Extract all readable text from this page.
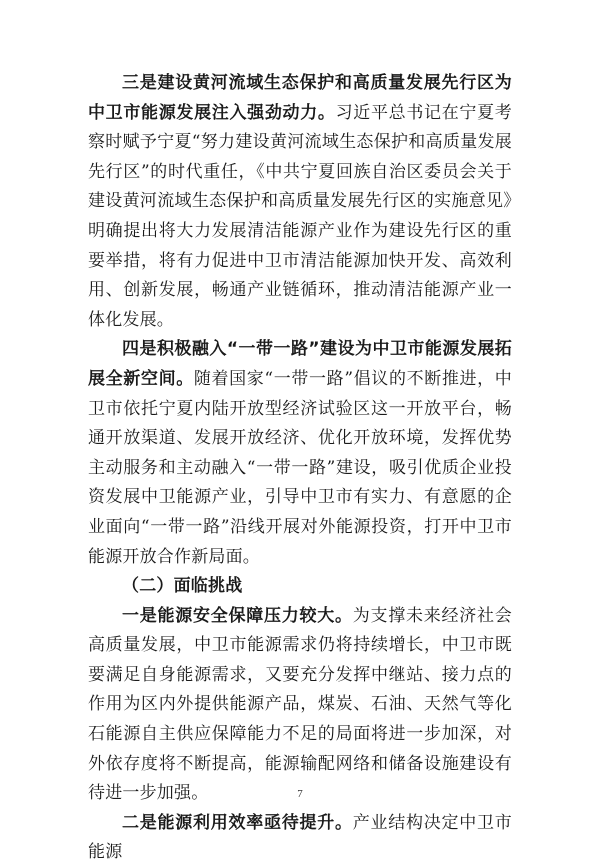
三是建设黄河流域生态保护和高质量发展先行区为中卫市能源发展注入强劲动力。习近平总书记在宁夏考察时赋予宁夏“努力建设黄河流域生态保护和高质量发展先行区”的时代重任，《中共宁夏回族自治区委员会关于建设黄河流域生态保护和高质量发展先行区的实施意见》明确提出将大力发展清洁能源产业作为建设先行区的重要举措，将有力促进中卫市清洁能源加快开发、高效利用、创新发展，畅通产业链循环，推动清洁能源产业一体化发展。

四是积极融入“一带一路”建设为中卫市能源发展拓展全新空间。随着国家“一带一路”倡议的不断推进，中卫市依托宁夏内陆开放型经济试验区这一开放平台，畅通开放渠道、发展开放经济、优化开放环境，发挥优势主动服务和主动融入“一带一路”建设，吸引优质企业投资发展中卫能源产业，引导中卫市有实力、有意愿的企业面向“一带一路”沿线开展对外能源投资，打开中卫市能源开放合作新局面。

（二）面临挑战

一是能源安全保障压力较大。为支撑未来经济社会高质量发展，中卫市能源需求仍将持续增长，中卫市既要满足自身能源需求，又要充分发挥中继站、接力点的作用为区内外提供能源产品，煤炭、石油、天然气等化石能源自主供应保障能力不足的局面将进一步加深，对外依存度将不断提高，能源输配网络和储备设施建设有待进一步加强。

二是能源利用效率亟待提升。产业结构决定中卫市能源

7
